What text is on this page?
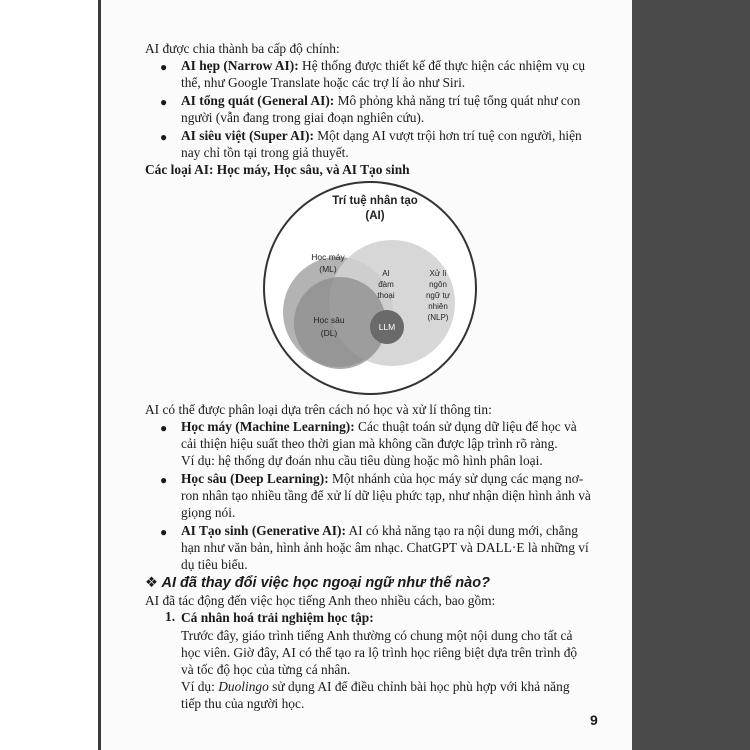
AI được chia thành ba cấp độ chính:
● AI hẹp (Narrow AI): Hệ thống được thiết kế để thực hiện các nhiệm vụ cụ
thể, như Google Translate hoặc các trợ lí ảo như Siri.
● AI tổng quát (General AI): Mô phỏng khả năng trí tuệ tổng quát như con
người (vẫn đang trong giai đoạn nghiên cứu).
● AI siêu việt (Super AI): Một dạng AI vượt trội hơn trí tuệ con người, hiện
nay chỉ tồn tại trong giả thuyết.
Các loại AI: Học máy, Học sâu, và AI Tạo sinh
Trí tuệ nhân tạo
(AI)
Học máy
(ML)
Học sâu
(DL)
AI
đàm
thoại
Xử lí
ngôn
ngữ tự
nhiên
(NLP)
LLM
AI có thể được phân loại dựa trên cách nó học và xử lí thông tin:
● Học máy (Machine Learning): Các thuật toán sử dụng dữ liệu để học và
cải thiện hiệu suất theo thời gian mà không cần được lập trình rõ ràng.
Ví dụ: hệ thống dự đoán nhu cầu tiêu dùng hoặc mô hình phân loại.
● Học sâu (Deep Learning): Một nhánh của học máy sử dụng các mạng nơ-
ron nhân tạo nhiều tầng để xử lí dữ liệu phức tạp, như nhận diện hình ảnh và
giọng nói.
● AI Tạo sinh (Generative AI): AI có khả năng tạo ra nội dung mới, chẳng
hạn như văn bản, hình ảnh hoặc âm nhạc. ChatGPT và DALL·E là những ví
dụ tiêu biểu.
❖ AI đã thay đổi việc học ngoại ngữ như thế nào?
AI đã tác động đến việc học tiếng Anh theo nhiều cách, bao gồm:
1. Cá nhân hoá trải nghiệm học tập:
Trước đây, giáo trình tiếng Anh thường có chung một nội dung cho tất cả
học viên. Giờ đây, AI có thể tạo ra lộ trình học riêng biệt dựa trên trình độ
và tốc độ học của từng cá nhân.
Ví dụ: Duolingo sử dụng AI để điều chỉnh bài học phù hợp với khả năng
tiếp thu của người học.
9
